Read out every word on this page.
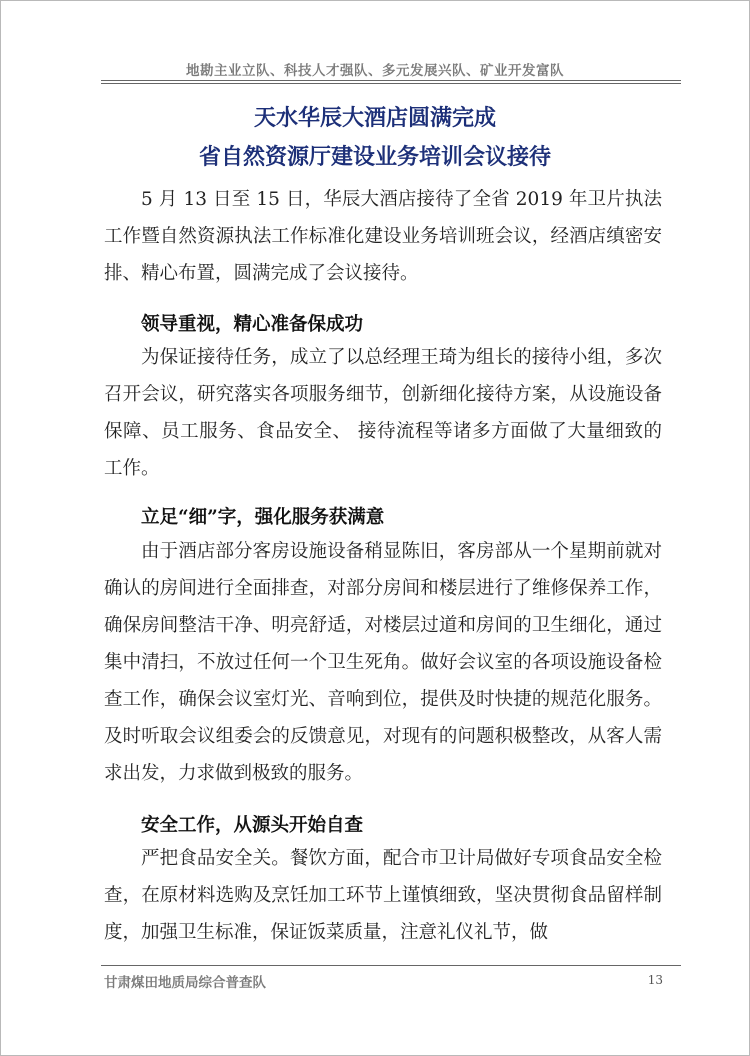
地勘主业立队、科技人才强队、多元发展兴队、矿业开发富队
天水华辰大酒店圆满完成
省自然资源厅建设业务培训会议接待

5 月 13 日至 15 日，华辰大酒店接待了全省 2019 年卫片执法工作暨自然资源执法工作标准化建设业务培训班会议，经酒店缜密安排、精心布置，圆满完成了会议接待。

领导重视，精心准备保成功

为保证接待任务，成立了以总经理王琦为组长的接待小组，多次召开会议，研究落实各项服务细节，创新细化接待方案，从设施设备保障、员工服务、食品安全、 接待流程等诸多方面做了大量细致的工作。

立足“细”字，强化服务获满意

由于酒店部分客房设施设备稍显陈旧，客房部从一个星期前就对确认的房间进行全面排查，对部分房间和楼层进行了维修保养工作，确保房间整洁干净、明亮舒适，对楼层过道和房间的卫生细化，通过集中清扫，不放过任何一个卫生死角。做好会议室的各项设施设备检查工作，确保会议室灯光、音响到位，提供及时快捷的规范化服务。及时听取会议组委会的反馈意见，对现有的问题积极整改，从客人需求出发，力求做到极致的服务。

安全工作，从源头开始自查

严把食品安全关。餐饮方面，配合市卫计局做好专项食品安全检查，在原材料选购及烹饪加工环节上谨慎细致，坚决贯彻食品留样制度，加强卫生标准，保证饭菜质量，注意礼仪礼节，做

甘肃煤田地质局综合普查队	13
